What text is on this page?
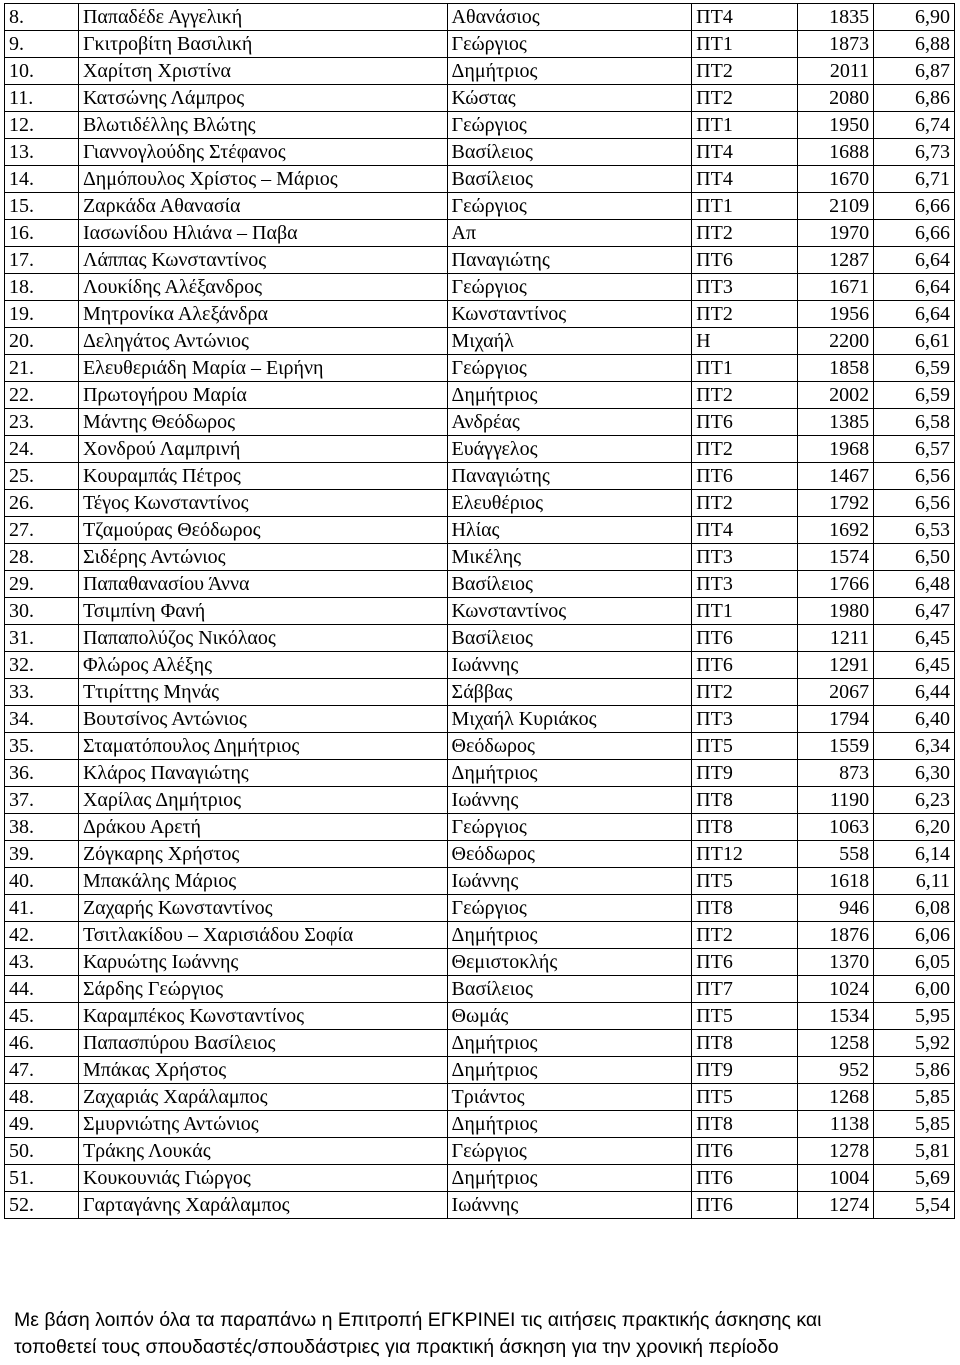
8.	Παπαδέδε Αγγελική	Αθανάσιος	ΠΤ4	1835	6,90
9.	Γκιτροβίτη Βασιλική	Γεώργιος	ΠΤ1	1873	6,88
10.	Χαρίτση Χριστίνα	Δημήτριος	ΠΤ2	2011	6,87
11.	Κατσώνης Λάμπρος	Κώστας	ΠΤ2	2080	6,86
12.	Βλωτιδέλλης Βλώτης	Γεώργιος	ΠΤ1	1950	6,74
13.	Γιαννογλούδης Στέφανος	Βασίλειος	ΠΤ4	1688	6,73
14.	Δημόπουλος Χρίστος – Μάριος	Βασίλειος	ΠΤ4	1670	6,71
15.	Ζαρκάδα Αθανασία	Γεώργιος	ΠΤ1	2109	6,66
16.	Ιασωνίδου Ηλιάνα – Παβα	Απ	ΠΤ2	1970	6,66
17.	Λάππας Κωνσταντίνος	Παναγιώτης	ΠΤ6	1287	6,64
18.	Λουκίδης Αλέξανδρος	Γεώργιος	ΠΤ3	1671	6,64
19.	Μητρονίκα Αλεξάνδρα	Κωνσταντίνος	ΠΤ2	1956	6,64
20.	Δεληγάτος Αντώνιος	Μιχαήλ	Η	2200	6,61
21.	Ελευθεριάδη Μαρία – Ειρήνη	Γεώργιος	ΠΤ1	1858	6,59
22.	Πρωτογήρου Μαρία	Δημήτριος	ΠΤ2	2002	6,59
23.	Μάντης Θεόδωρος	Ανδρέας	ΠΤ6	1385	6,58
24.	Χονδρού Λαμπρινή	Ευάγγελος	ΠΤ2	1968	6,57
25.	Κουραμπάς Πέτρος	Παναγιώτης	ΠΤ6	1467	6,56
26.	Τέγος Κωνσταντίνος	Ελευθέριος	ΠΤ2	1792	6,56
27.	Τζαμούρας Θεόδωρος	Ηλίας	ΠΤ4	1692	6,53
28.	Σιδέρης Αντώνιος	Μικέλης	ΠΤ3	1574	6,50
29.	Παπαθανασίου Άννα	Βασίλειος	ΠΤ3	1766	6,48
30.	Τσιμπίνη Φανή	Κωνσταντίνος	ΠΤ1	1980	6,47
31.	Παπαπολύζος Νικόλαος	Βασίλειος	ΠΤ6	1211	6,45
32.	Φλώρος Αλέξης	Ιωάννης	ΠΤ6	1291	6,45
33.	Ττιρίττης Μηνάς	Σάββας	ΠΤ2	2067	6,44
34.	Βουτσίνος Αντώνιος	Μιχαήλ Κυριάκος	ΠΤ3	1794	6,40
35.	Σταματόπουλος Δημήτριος	Θεόδωρος	ΠΤ5	1559	6,34
36.	Κλάρος Παναγιώτης	Δημήτριος	ΠΤ9	873	6,30
37.	Χαρίλας Δημήτριος	Ιωάννης	ΠΤ8	1190	6,23
38.	Δράκου Αρετή	Γεώργιος	ΠΤ8	1063	6,20
39.	Ζόγκαρης Χρήστος	Θεόδωρος	ΠΤ12	558	6,14
40.	Μπακάλης Μάριος	Ιωάννης	ΠΤ5	1618	6,11
41.	Ζαχαρής Κωνσταντίνος	Γεώργιος	ΠΤ8	946	6,08
42.	Τσιτλακίδου – Χαρισιάδου Σοφία	Δημήτριος	ΠΤ2	1876	6,06
43.	Καρυώτης Ιωάννης	Θεμιστοκλής	ΠΤ6	1370	6,05
44.	Σάρδης Γεώργιος	Βασίλειος	ΠΤ7	1024	6,00
45.	Καραμπέκος Κωνσταντίνος	Θωμάς	ΠΤ5	1534	5,95
46.	Παπασπύρου Βασίλειος	Δημήτριος	ΠΤ8	1258	5,92
47.	Μπάκας Χρήστος	Δημήτριος	ΠΤ9	952	5,86
48.	Ζαχαριάς Χαράλαμπος	Τριάντος	ΠΤ5	1268	5,85
49.	Σμυρνιώτης Αντώνιος	Δημήτριος	ΠΤ8	1138	5,85
50.	Τράκης Λουκάς	Γεώργιος	ΠΤ6	1278	5,81
51.	Κουκουνιάς Γιώργος	Δημήτριος	ΠΤ6	1004	5,69
52.	Γαρταγάνης Χαράλαμπος	Ιωάννης	ΠΤ6	1274	5,54
Με βάση λοιπόν όλα τα παραπάνω η Επιτροπή ΕΓΚΡΙΝΕΙ τις αιτήσεις πρακτικής άσκησης και
τοποθετεί τους σπουδαστές/σπουδάστριες για πρακτική άσκηση για την χρονική περίοδο
